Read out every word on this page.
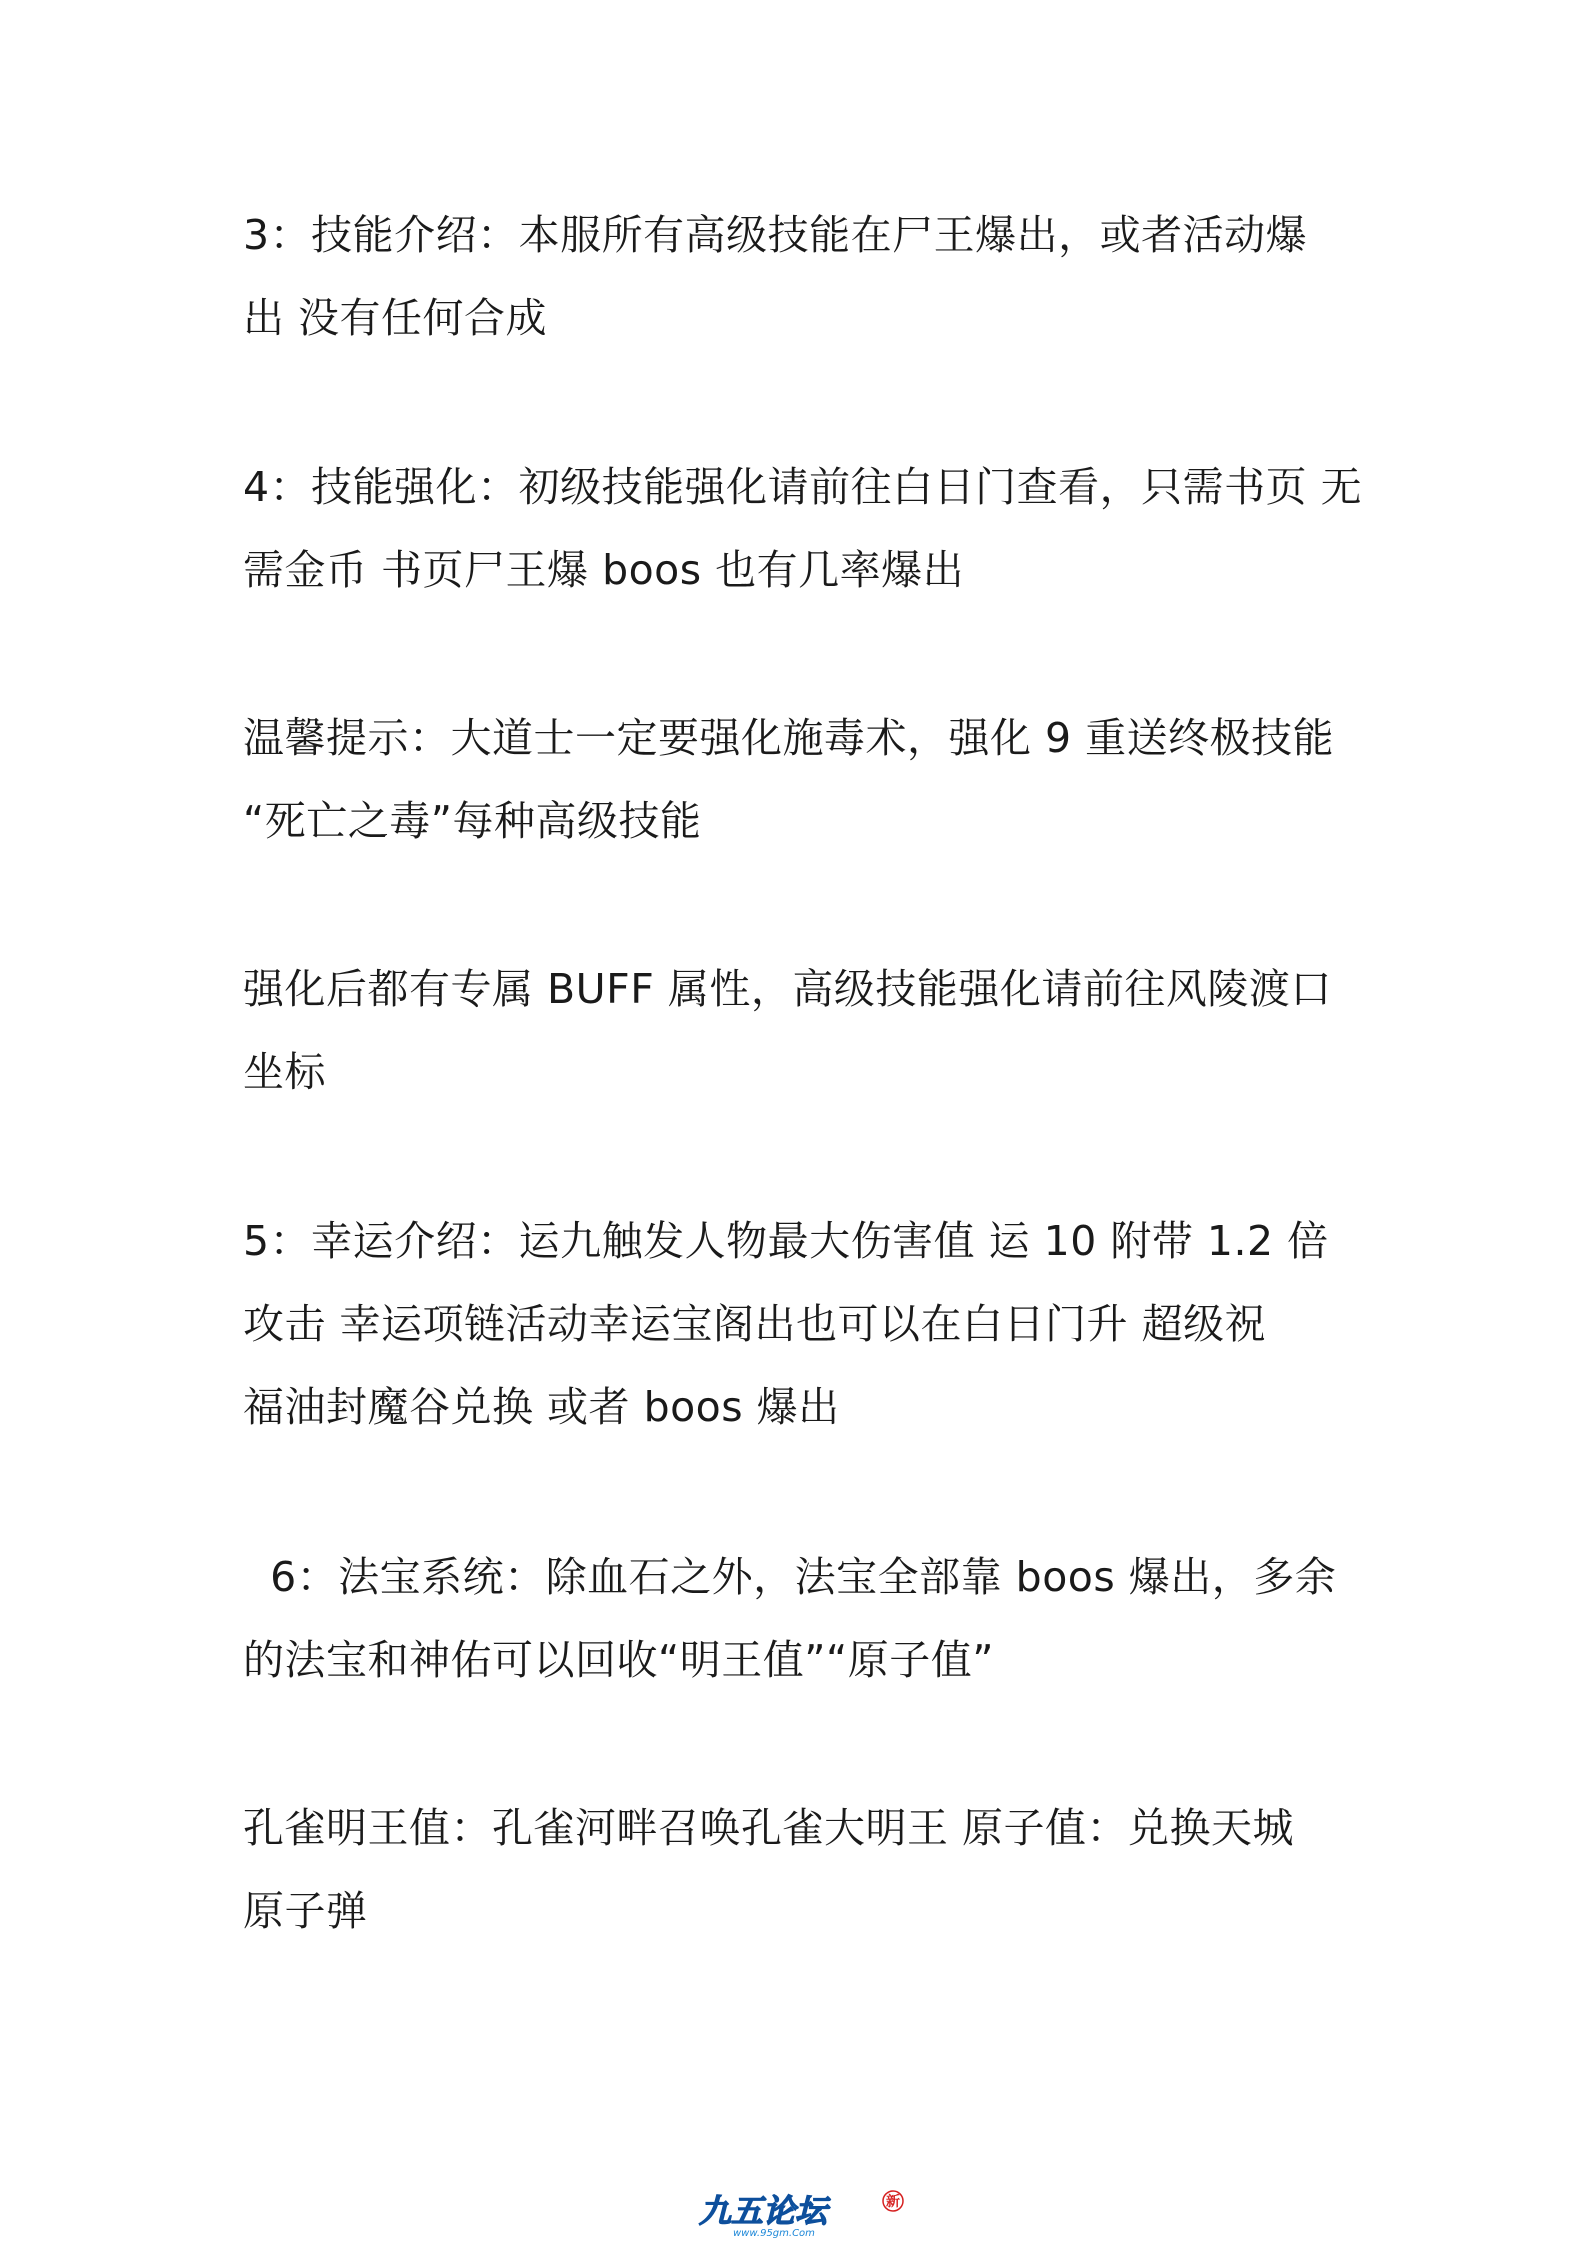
3：技能介绍：本服所有高级技能在尸王爆出，或者活动爆
出 没有任何合成

4：技能强化：初级技能强化请前往白日门查看，只需书页 无
需金币 书页尸王爆 boos 也有几率爆出

温馨提示：大道士一定要强化施毒术，强化 9 重送终极技能
“死亡之毒”每种高级技能

强化后都有专属 BUFF 属性，高级技能强化请前往风陵渡口
坐标

5：幸运介绍：运九触发人物最大伤害值 运 10 附带 1.2 倍
攻击 幸运项链活动幸运宝阁出也可以在白日门升 超级祝
福油封魔谷兑换 或者 boos 爆出

6：法宝系统：除血石之外，法宝全部靠 boos 爆出，多余
的法宝和神佑可以回收“明王值”“原子值”

孔雀明王值：孔雀河畔召唤孔雀大明王 原子值：兑换天城
原子弹

九五论坛
www.95gm.Com
新
